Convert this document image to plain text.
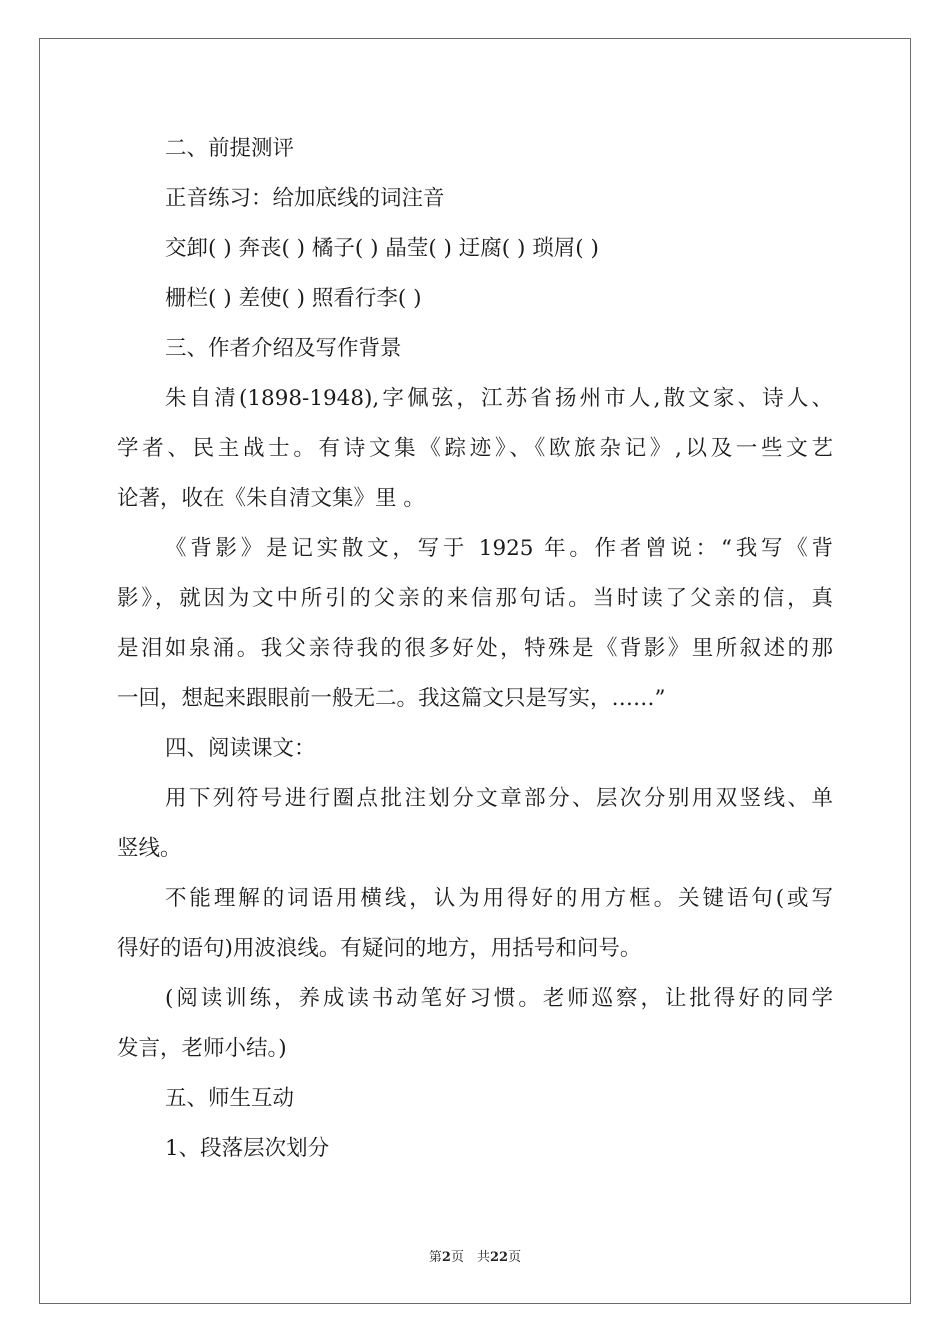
二、前提测评
正音练习：给加底线的词注音
交卸( ) 奔丧( ) 橘子( ) 晶莹( ) 迂腐( ) 琐屑( )
栅栏( ) 差使( ) 照看行李( )
三、作者介绍及写作背景
朱自清(1898-1948),字佩弦，江苏省扬州市人,散文家、诗人、
学者、民主战士。有诗文集《踪迹》、《欧旅杂记》,以及一些文艺
论著，收在《朱自清文集》里 。
《背影》是记实散文，写于 1925 年。作者曾说：“我写《背
影》，就因为文中所引的父亲的来信那句话。当时读了父亲的信，真
是泪如泉涌。我父亲待我的很多好处，特殊是《背影》里所叙述的那
一回，想起来跟眼前一般无二。我这篇文只是写实，……”
四、阅读课文：
用下列符号进行圈点批注划分文章部分、层次分别用双竖线、单
竖线。
不能理解的词语用横线，认为用得好的用方框。关键语句(或写
得好的语句)用波浪线。有疑问的地方，用括号和问号。
(阅读训练，养成读书动笔好习惯。老师巡察，让批得好的同学
发言，老师小结。)
五、师生互动
1、段落层次划分
第2页　共22页
